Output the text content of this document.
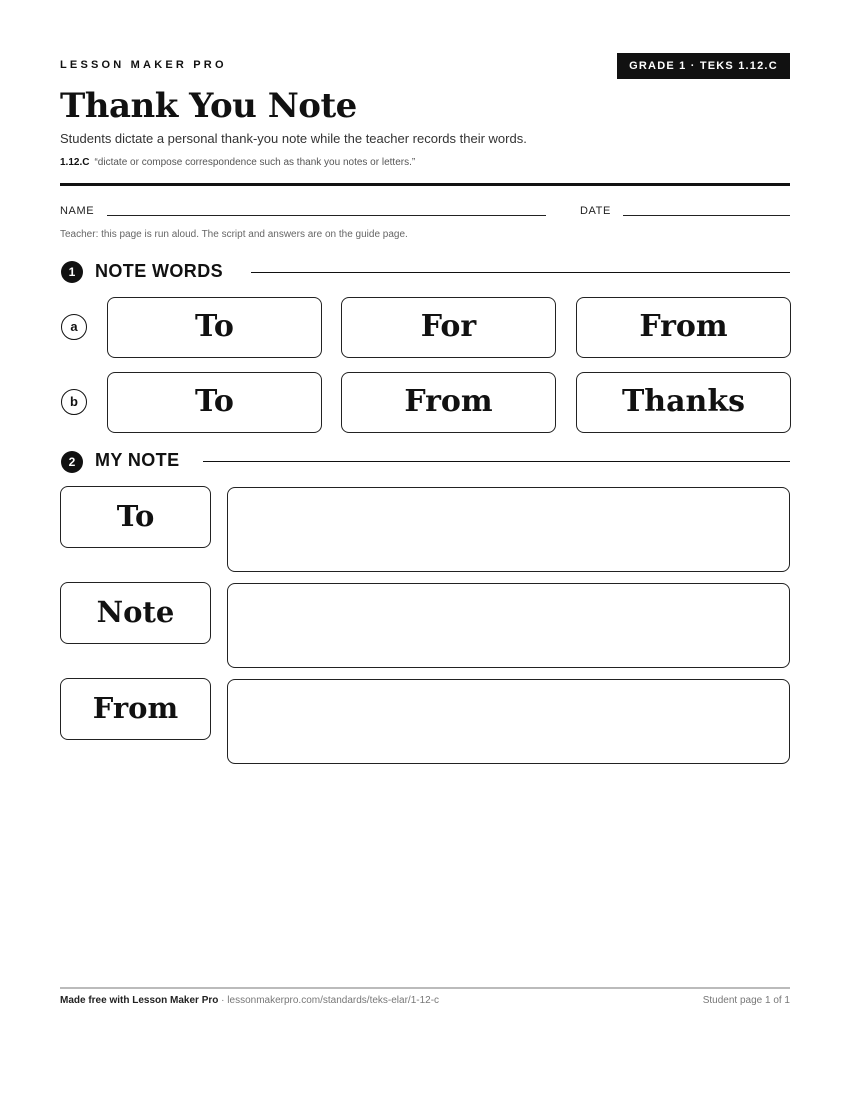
LESSON MAKER PRO	GRADE 1 · TEKS 1.12.C
Thank You Note
Students dictate a personal thank-you note while the teacher records their words.
1.12.C “dictate or compose correspondence such as thank you notes or letters.”
NAME	DATE
Teacher: this page is run aloud. The script and answers are on the guide page.
1	NOTE WORDS
a	To	For	From
b	To	From	Thanks
2	MY NOTE
To
Note
From
Made free with Lesson Maker Pro · lessonmakerpro.com/standards/teks-elar/1-12-c	Student page 1 of 1
